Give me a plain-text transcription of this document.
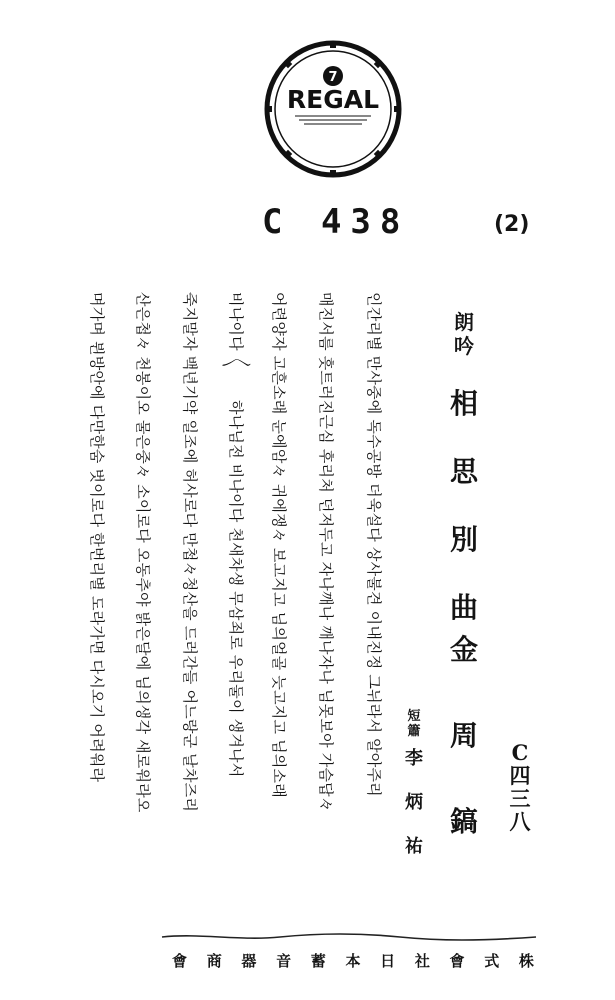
7
REGAL
C 438	(2)
朗
吟
相
思
別
曲
金
周
鎬
短
簫
李
炳
祐
C
四
三
八

인간리별 만사중에 독수공방 더욱설다 상사불견 이내진정 그뉘라서 알아주리

매진서름 흣트러진근심 후리처 던저두고 자나깨나 깨나자나 님못보아 가슴답々

어련양자 고흔소래 눈에암々 귀에쟁々 보고지고 님의얼골 늣고지고 님의소래

비나이다 〳〵

하나님전 비나이다 천새차생 무삼죄로 우리둘이 생겨나서

죽지말자 백년기약 일조에 허사로다 만첩々청산을 드러간들 어느랑군 날차즈리

산은첩々 천봉이오 물은중々 소이로다 오동추야 밝은달에 님의생각 새로워라오

며가며 뷘방안에 다만한숨 벗이로다 한번리별 도라가면 다시오기 어려워라

會 商 器 音 蓄 本 日 社 會 式 株
